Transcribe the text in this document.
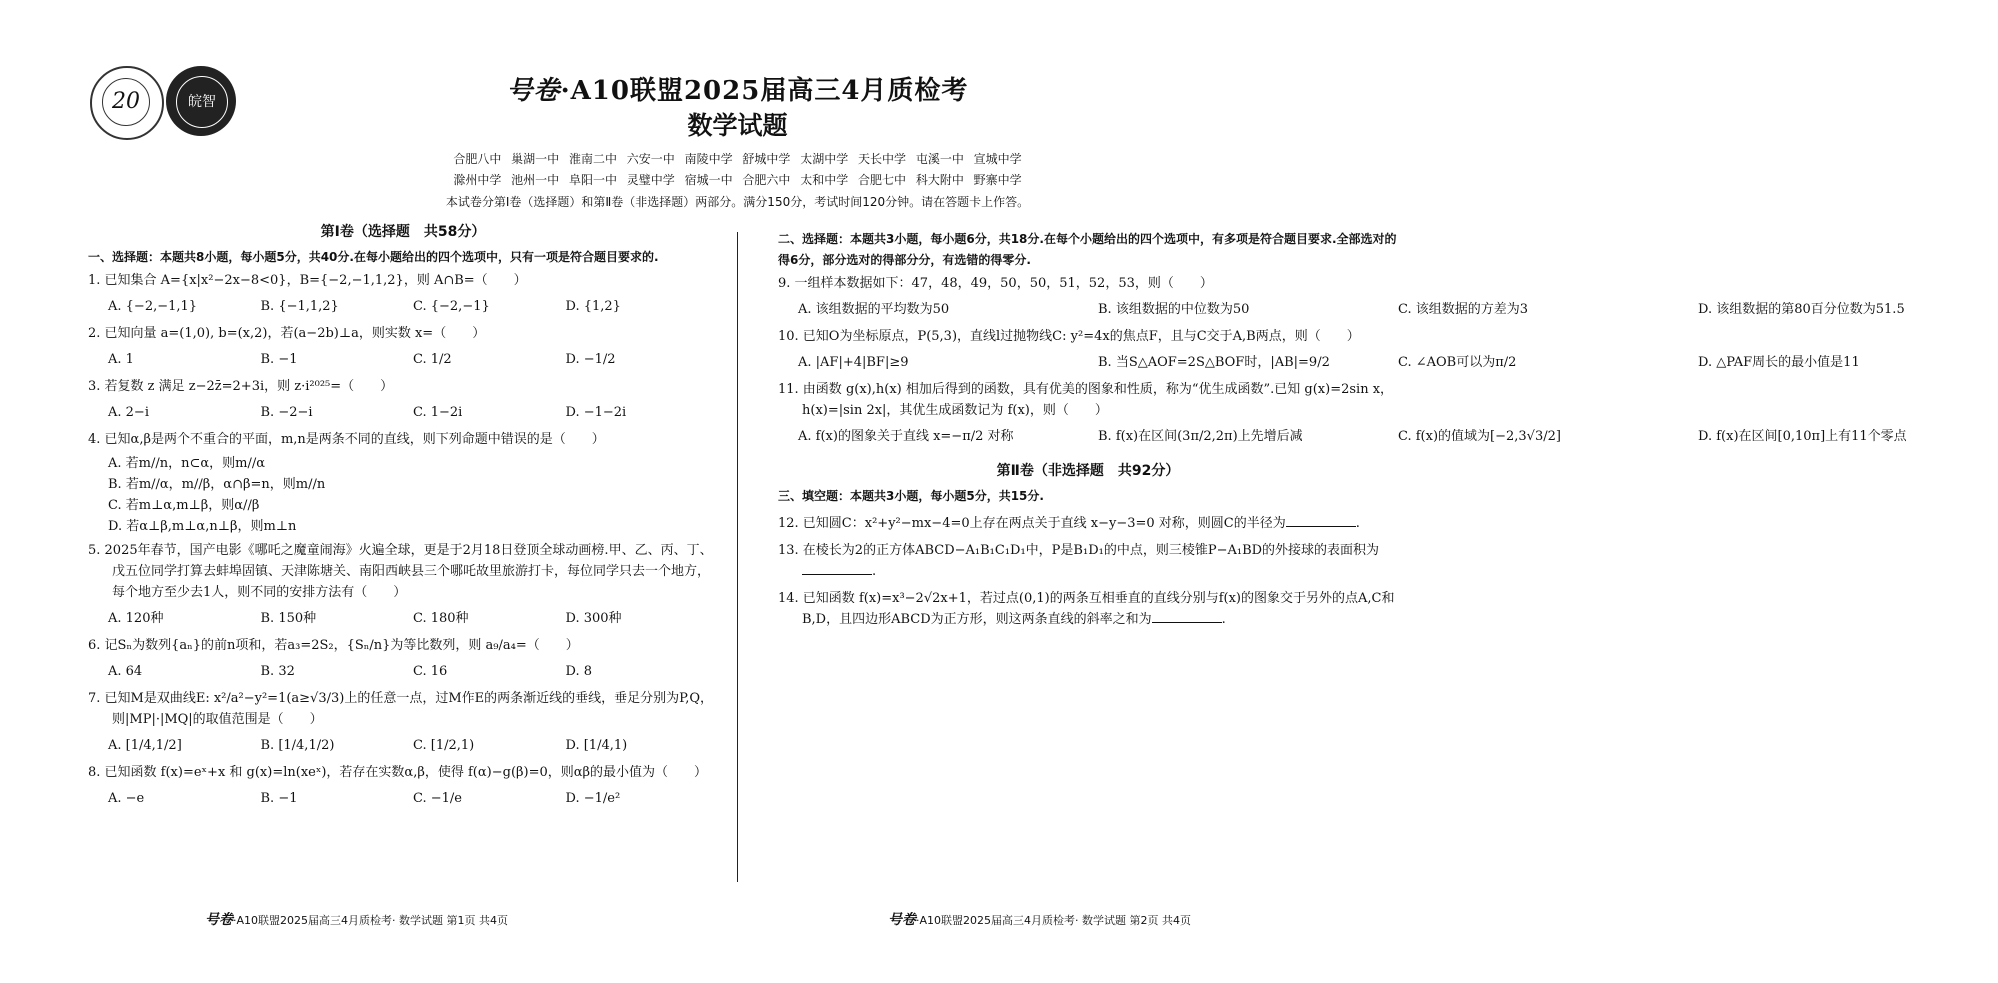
20	皖智	号卷·A10联盟2025届高三4月质检考
数学试题
合肥八中 巢湖一中 淮南二中 六安一中 南陵中学 舒城中学 太湖中学 天长中学 屯溪一中 宣城中学
滁州中学 池州一中 阜阳一中 灵璧中学 宿城一中 合肥六中 太和中学 合肥七中 科大附中 野寨中学
本试卷分第Ⅰ卷（选择题）和第Ⅱ卷（非选择题）两部分。满分150分，考试时间120分钟。请在答题卡上作答。
第Ⅰ卷（选择题　共58分）

一、选择题：本题共8小题，每小题5分，共40分.在每小题给出的四个选项中，只有一项是符合题目要求的.

1. 已知集合 A={x|x²−2x−8<0}，B={−2,−1,1,2}，则 A∩B=（　　）

A. {−2,−1,1}	B. {−1,1,2}	C. {−2,−1}	D. {1,2}

2. 已知向量 a=(1,0), b=(x,2)，若(a−2b)⊥a，则实数 x=（　　）

A. 1	B. −1	C. 1/2	D. −1/2

3. 若复数 z 满足 z−2z̄=2+3i，则 z·i²⁰²⁵=（　　）

A. 2−i	B. −2−i	C. 1−2i	D. −1−2i

4. 已知α,β是两个不重合的平面，m,n是两条不同的直线，则下列命题中错误的是（　　）

A. 若m//n，n⊂α，则m//α
B. 若m//α，m//β，α∩β=n，则m//n
C. 若m⊥α,m⊥β，则α//β
D. 若α⊥β,m⊥α,n⊥β，则m⊥n

5. 2025年春节，国产电影《哪吒之魔童闹海》火遍全球，更是于2月18日登顶全球动画榜.甲、乙、丙、丁、戊五位同学打算去蚌埠固镇、天津陈塘关、南阳西峡县三个哪吒故里旅游打卡，每位同学只去一个地方，每个地方至少去1人，则不同的安排方法有（　　）

A. 120种	B. 150种	C. 180种	D. 300种

6. 记Sₙ为数列{aₙ}的前n项和，若a₃=2S₂，{Sₙ/n}为等比数列，则 a₉/a₄=（　　）

A. 64	B. 32	C. 16	D. 8

7. 已知M是双曲线E: x²/a²−y²=1(a≥√3/3)上的任意一点，过M作E的两条渐近线的垂线，垂足分别为P,Q，则|MP|·|MQ|的取值范围是（　　）

A. [1/4,1/2]	B. [1/4,1/2)	C. [1/2,1)	D. [1/4,1)

8. 已知函数 f(x)=eˣ+x 和 g(x)=ln(xeˣ)，若存在实数α,β，使得 f(α)−g(β)=0，则αβ的最小值为（　　）

A. −e	B. −1	C. −1/e	D. −1/e²

二、选择题：本题共3小题，每小题6分，共18分.在每个小题给出的四个选项中，有多项是符合题目要求.全部选对的得6分，部分选对的得部分分，有选错的得零分.

9. 一组样本数据如下：47，48，49，50，50，51，52，53，则（　　）

A. 该组数据的平均数为50	B. 该组数据的中位数为50	C. 该组数据的方差为3	D. 该组数据的第80百分位数为51.5

10. 已知O为坐标原点，P(5,3)，直线l过抛物线C: y²=4x的焦点F，且与C交于A,B两点，则（　　）

A. |AF|+4|BF|≥9	B. 当S△AOF=2S△BOF时，|AB|=9/2	C. ∠AOB可以为π/2	D. △PAF周长的最小值是11

11. 由函数 g(x),h(x) 相加后得到的函数，具有优美的图象和性质，称为“优生成函数”.已知 g(x)=2sin x，h(x)=|sin 2x|，其优生成函数记为 f(x)，则（　　）

A. f(x)的图象关于直线 x=−π/2 对称	B. f(x)在区间(3π/2,2π)上先增后减	C. f(x)的值域为[−2,3√3/2]	D. f(x)在区间[0,10π]上有11个零点
第Ⅱ卷（非选择题　共92分）

三、填空题：本题共3小题，每小题5分，共15分.

12. 已知圆C：x²+y²−mx−4=0上存在两点关于直线 x−y−3=0 对称，则圆C的半径为	.

13. 在棱长为2的正方体ABCD−A₁B₁C₁D₁中，P是B₁D₁的中点，则三棱锥P−A₁BD的外接球的表面积为.

14. 已知函数 f(x)=x³−2√2x+1，若过点(0,1)的两条互相垂直的直线分别与f(x)的图象交于另外的点A,C和B,D，且四边形ABCD为正方形，则这两条直线的斜率之和为	.

号卷·A10联盟2025届高三4月质检考· 数学试题 第1页 共4页	号卷·A10联盟2025届高三4月质检考· 数学试题 第2页 共4页
